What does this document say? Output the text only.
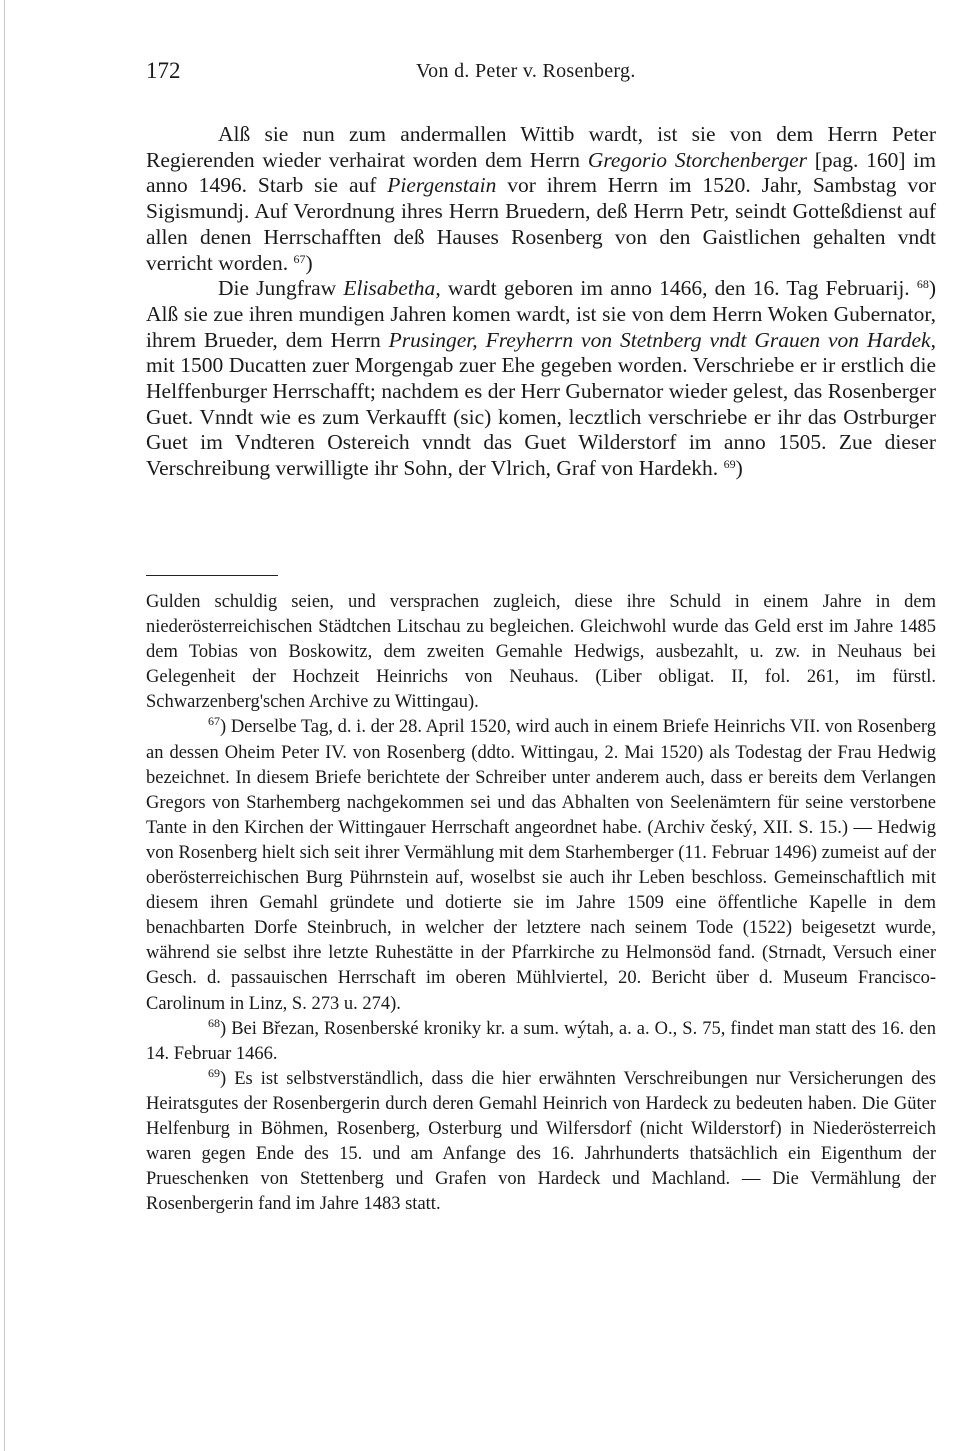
172	Von d. Peter v. Rosenberg.

Alß sie nun zum andermallen Wittib wardt, ist sie von dem Herrn Peter Regierenden wieder verhairat worden dem Herrn Gregorio Storchenberger [pag. 160] im anno 1496. Starb sie auf Piergenstain vor ihrem Herrn im 1520. Jahr, Sambstag vor Sigismundj. Auf Verordnung ihres Herrn Bruedern, deß Herrn Petr, seindt Gotteßdienst auf allen denen Herrschafften deß Hauses Rosenberg von den Gaistlichen gehalten vndt verricht worden. $^{67}$)

Die Jungfraw Elisabetha, wardt geboren im anno 1466, den 16. Tag Februarij. $^{68}$) Alß sie zue ihren mundigen Jahren komen wardt, ist sie von dem Herrn Woken Gubernator, ihrem Brueder, dem Herrn Prusinger, Freyherrn von Stetnberg vndt Grauen von Hardek, mit 1500 Ducatten zuer Morgengab zuer Ehe gegeben worden. Verschriebe er ir erstlich die Helffenburger Herrschafft; nachdem es der Herr Gubernator wieder gelest, das Rosenberger Guet. Vnndt wie es zum Verkaufft (sic) komen, lecztlich verschriebe er ihr das Ostrburger Guet im Vndteren Ostereich vnndt das Guet Wilderstorf im anno 1505. Zue dieser Verschreibung verwilligte ihr Sohn, der Vlrich, Graf von Hardekh. $^{69}$)

Gulden schuldig seien, und versprachen zugleich, diese ihre Schuld in einem Jahre in dem niederösterreichischen Städtchen Litschau zu begleichen. Gleichwohl wurde das Geld erst im Jahre 1485 dem Tobias von Boskowitz, dem zweiten Gemahle Hedwigs, ausbezahlt, u. zw. in Neuhaus bei Gelegenheit der Hochzeit Heinrichs von Neuhaus. (Liber obligat. II, fol. 261, im fürstl. Schwarzenberg'schen Archive zu Wittingau).

$^{67}$) Derselbe Tag, d. i. der 28. April 1520, wird auch in einem Briefe Heinrichs VII. von Rosenberg an dessen Oheim Peter IV. von Rosenberg (ddto. Wittingau, 2. Mai 1520) als Todestag der Frau Hedwig bezeichnet. In diesem Briefe berichtete der Schreiber unter anderem auch, dass er bereits dem Verlangen Gregors von Starhemberg nachgekommen sei und das Abhalten von Seelenämtern für seine verstorbene Tante in den Kirchen der Wittingauer Herrschaft angeordnet habe. (Archiv český, XII. S. 15.) — Hedwig von Rosenberg hielt sich seit ihrer Vermählung mit dem Starhemberger (11. Februar 1496) zumeist auf der oberösterreichischen Burg Pührnstein auf, woselbst sie auch ihr Leben beschloss. Gemeinschaftlich mit diesem ihren Gemahl gründete und dotierte sie im Jahre 1509 eine öffentliche Kapelle in dem benachbarten Dorfe Steinbruch, in welcher der letztere nach seinem Tode (1522) beigesetzt wurde, während sie selbst ihre letzte Ruhestätte in der Pfarrkirche zu Helmonsöd fand. (Strnadt, Versuch einer Gesch. d. passauischen Herrschaft im oberen Mühlviertel, 20. Bericht über d. Museum Francisco-Carolinum in Linz, S. 273 u. 274).

$^{68}$) Bei Březan, Rosenberské kroniky kr. a sum. wýtah, a. a. O., S. 75, findet man statt des 16. den 14. Februar 1466.

$^{69}$) Es ist selbstverständlich, dass die hier erwähnten Verschreibungen nur Versicherungen des Heiratsgutes der Rosenbergerin durch deren Gemahl Heinrich von Hardeck zu bedeuten haben. Die Güter Helfenburg in Böhmen, Rosenberg, Osterburg und Wilfersdorf (nicht Wilderstorf) in Niederösterreich waren gegen Ende des 15. und am Anfange des 16. Jahrhunderts thatsächlich ein Eigenthum der Prueschenken von Stettenberg und Grafen von Hardeck und Machland. — Die Vermählung der Rosenbergerin fand im Jahre 1483 statt.
